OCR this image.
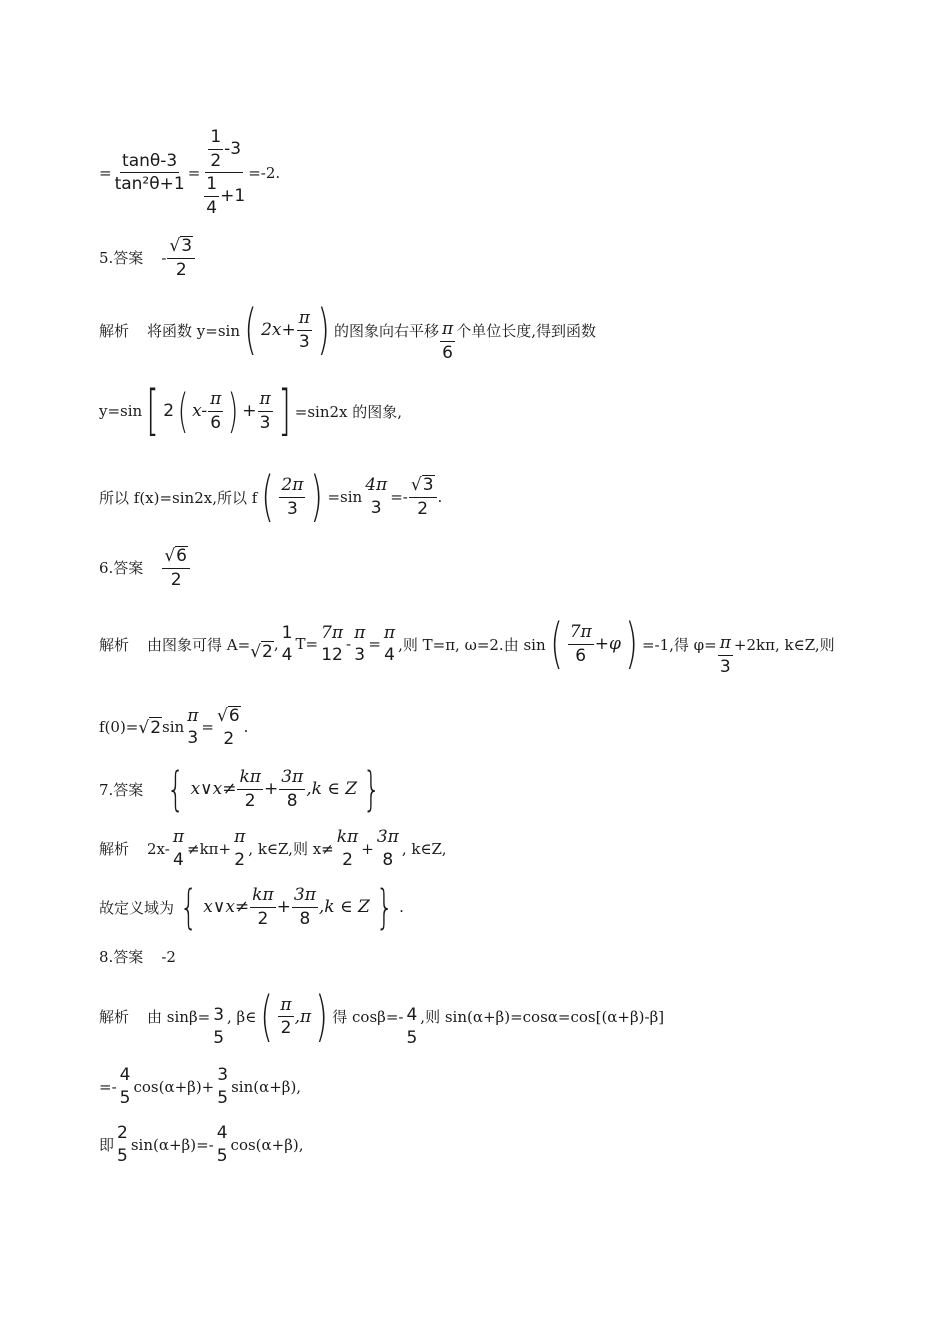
= $\frac{\tan\theta-3}{\text{tan²θ+1}} = \frac{\frac{1}{2} -3}{\frac{1}{4} +1} =-2$.
5.答案 - $\frac{√ 3}{2}$
解析 将函数 y=sin ( $2x+ \frac{\pi}{3}$ ) 的图象向右平移 $\frac{\pi}{6}$ 个单位长度,得到函数
y=sin [ 2 ( $x- \frac{\pi}{6}$ ) + $\frac{\pi}{3}$ ] =sin2x 的图象,
所以 f(x)=sin2x,所以 f ( $\frac{2\pi}{3}$ ) =sin
4π
3
=- $\frac{√ 3}{2}$ .
6.答案 $\frac{√ 6}{2}$
解析 由图象可得 A= √ 2 ,
1
4
T=
7π
12
-
π
3
=
π
4
,则 T=π, ω=2.由 sin ( $\frac{7\pi}{6} +\varphi$ ) =-1,得 $\varphi= \frac{\pi}{3} +2k\pi$, k∈Z,则
f(0)= √ 2 sin
π
3
=
√ 6
2
.
7.答案 { x∨x≠ $\frac{k\pi}{2} + \frac{3\pi}{8} ,k$ ∈ Z }
解析 2x-
π
4
≠kπ+
π
2
, k∈Z,则 x≠
kπ
2
+
3π
8
, k∈Z,
故定义域为 { x∨x≠ $\frac{k\pi}{2} + \frac{3\pi}{8} ,k$ ∈ Z } .
8.答案 -2
解析 由 sinβ= 3
5
, β∈ ( $\frac{\pi}{2} ,\pi$ ) 得 cosβ=- 4
5
,则 sin(α+β)=cosα=cos[(α+β)-β]
=-
4
5
cos(α+β)+
3
5
sin(α+β),
即
2
5
sin(α+β)=-
4
5
cos(α+β),
